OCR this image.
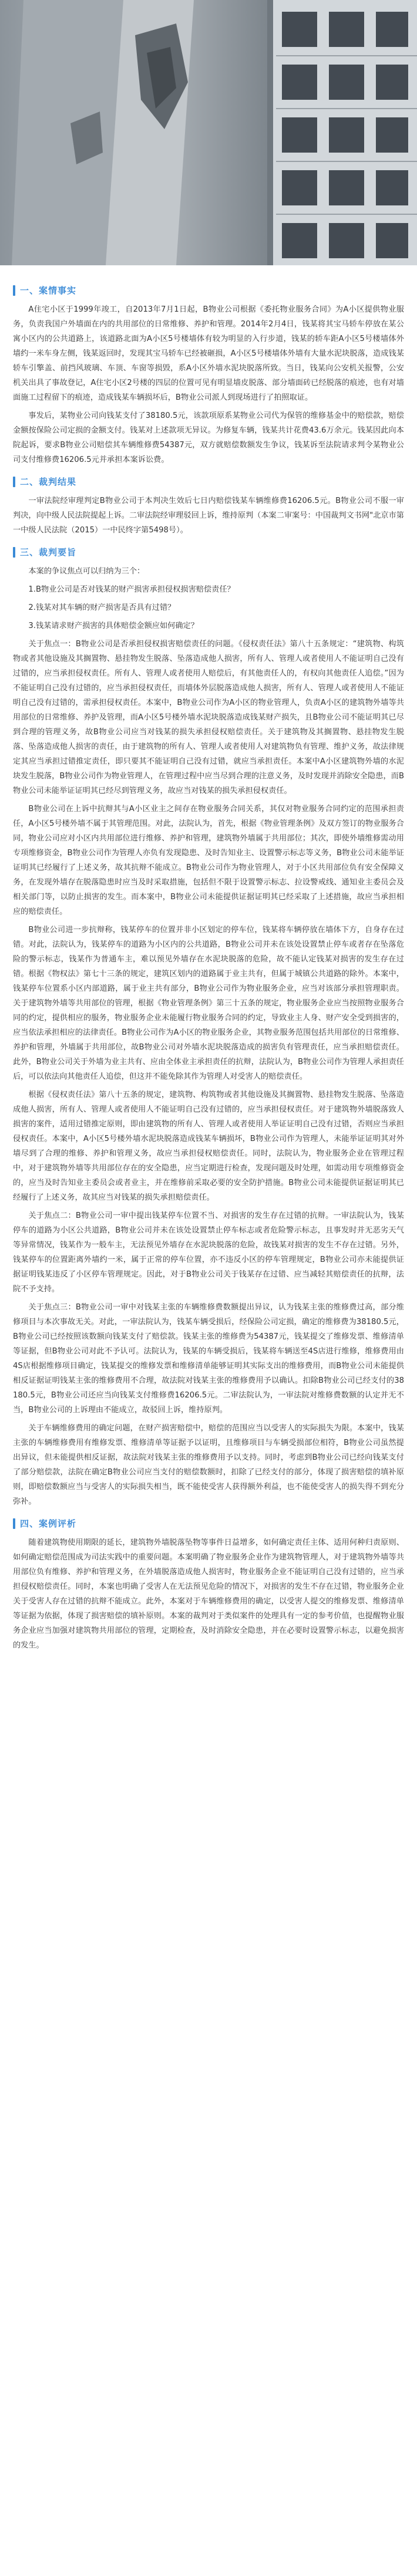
一、案情事实

A住宅小区于1999年竣工，自2013年7月1日起，B物业公司根据《委托物业服务合同》为A小区提供物业服务，负责我国户外墙面在内的共用部位的日常维修、养护和管理。2014年2月4日，钱某将其宝马轿车停放在某公寓小区内的公共道路上，该道路北面为A小区5号楼墙体有较为明显的入行步道，钱某的轿车距A小区5号楼墙体外墙约一米车身左侧，钱某返回时，发现其宝马轿车已经被砸损，A小区5号楼墙体外墙有大量水泥块脱落，造成钱某轿车引擎盖、前挡风玻璃、车顶、车窗等损毁，系A小区外墙水泥块脱落所致。当日，钱某向公安机关报警，公安机关出具了事故登记，A住宅小区2号楼的四层的位置可见有明显墙皮脱落、部分墙面砖已经脱落的痕迹，也有对墙面施工过程留下的痕迹，造成钱某车辆损坏后，B物业公司派人到现场进行了拍照取证。

事发后，某物业公司向钱某支付了38180.5元，该款项原系某物业公司代为保管的维修基金中的赔偿款，赔偿金额按保险公司定损的金额支付。钱某对上述款项无异议。为修复车辆，钱某共计花费43.6万余元。钱某因此向本院起诉，要求B物业公司赔偿其车辆维修费54387元，双方就赔偿数额发生争议，钱某诉至法院请求判令某物业公司支付维修费16206.5元并承担本案诉讼费。

二、裁判结果

一审法院经审理判定B物业公司于本判决生效后七日内赔偿钱某车辆维修费16206.5元。B物业公司不服一审判决，向中级人民法院提起上诉。二审法院经审理驳回上诉，维持原判（本案二审案号：中国裁判文书网"北京市第一中级人民法院（2015）一中民终字第5498号）。

三、裁判要旨

本案的争议焦点可以归纳为三个：

1.B物业公司是否对钱某的财产损害承担侵权损害赔偿责任？

2.钱某对其车辆的财产损害是否具有过错？

3.钱某请求财产损害的具体赔偿金额应如何确定？

关于焦点一：B物业公司是否承担侵权损害赔偿责任的问题。《侵权责任法》第八十五条规定：“建筑物、构筑物或者其他设施及其搁置物、悬挂物发生脱落、坠落造成他人损害，所有人、管理人或者使用人不能证明自己没有过错的，应当承担侵权责任。所有人、管理人或者使用人赔偿后，有其他责任人的，有权向其他责任人追偿。”因为不能证明自己没有过错的，应当承担侵权责任，而墙体外层脱落造成他人损害，所有人、管理人或者使用人不能证明自己没有过错的，需承担侵权责任。本案中，B物业公司作为A小区的物业管理人，负责A小区的建筑物外墙等共用部位的日常维修、养护及管理，而A小区5号楼外墙水泥块脱落造成钱某财产损失，且B物业公司不能证明其已尽到合理的管理义务，故B物业公司应当对钱某的损失承担侵权赔偿责任。关于建筑物及其搁置物、悬挂物发生脱落、坠落造成他人损害的责任，由于建筑物的所有人、管理人或者使用人对建筑物负有管理、维护义务，故法律规定其应当承担过错推定责任，即只要其不能证明自己没有过错，就应当承担责任。本案中A小区建筑物外墙的水泥块发生脱落，B物业公司作为物业管理人，在管理过程中应当尽到合理的注意义务，及时发现并消除安全隐患，而B物业公司未能举证证明其已经尽到管理义务，故应当对钱某的损失承担侵权责任。

B物业公司在上诉中抗辩其与A小区业主之间存在物业服务合同关系，其仅对物业服务合同约定的范围承担责任，A小区5号楼外墙不属于其管理范围。对此，法院认为，首先，根据《物业管理条例》及双方签订的物业服务合同，物业公司应对小区内共用部位进行维修、养护和管理，建筑物外墙属于共用部位；其次，即使外墙维修需动用专项维修资金，B物业公司作为管理人亦负有发现隐患、及时告知业主、设置警示标志等义务，B物业公司未能举证证明其已经履行了上述义务，故其抗辩不能成立。B物业公司作为物业管理人，对于小区共用部位负有安全保障义务，在发现外墙存在脱落隐患时应当及时采取措施，包括但不限于设置警示标志、拉设警戒线、通知业主委员会及相关部门等，以防止损害的发生。而本案中，B物业公司未能提供证据证明其已经采取了上述措施，故应当承担相应的赔偿责任。

B物业公司进一步抗辩称，钱某停车的位置并非小区划定的停车位，钱某将车辆停放在墙体下方，自身存在过错。对此，法院认为，钱某停车的道路为小区内的公共道路，B物业公司并未在该处设置禁止停车或者存在坠落危险的警示标志，钱某作为普通车主，难以预见外墙存在水泥块脱落的危险，故不能认定钱某对损害的发生存在过错。根据《物权法》第七十三条的规定，建筑区划内的道路属于业主共有，但属于城镇公共道路的除外。本案中，钱某停车位置系小区内部道路，属于业主共有部分，B物业公司作为物业服务企业，应当对该部分承担管理职责。关于建筑物外墙等共用部位的管理，根据《物业管理条例》第三十五条的规定，物业服务企业应当按照物业服务合同的约定，提供相应的服务，物业服务企业未能履行物业服务合同的约定，导致业主人身、财产安全受到损害的，应当依法承担相应的法律责任。B物业公司作为A小区的物业服务企业，其物业服务范围包括共用部位的日常维修、养护和管理，外墙属于共用部位，故B物业公司对外墙水泥块脱落造成的损害负有管理责任，应当承担赔偿责任。此外，B物业公司关于外墙为业主共有、应由全体业主承担责任的抗辩，法院认为，B物业公司作为管理人承担责任后，可以依法向其他责任人追偿，但这并不能免除其作为管理人对受害人的赔偿责任。

根据《侵权责任法》第八十五条的规定，建筑物、构筑物或者其他设施及其搁置物、悬挂物发生脱落、坠落造成他人损害，所有人、管理人或者使用人不能证明自己没有过错的，应当承担侵权责任。对于建筑物外墙脱落致人损害的案件，适用过错推定原则，即由建筑物的所有人、管理人或者使用人举证证明自己没有过错，否则应当承担侵权责任。本案中，A小区5号楼外墙水泥块脱落造成钱某车辆损坏，B物业公司作为管理人，未能举证证明其对外墙尽到了合理的维修、养护和管理义务，故应当承担侵权赔偿责任。同时，法院认为，物业服务企业在管理过程中，对于建筑物外墙等共用部位存在的安全隐患，应当定期进行检查，发现问题及时处理，如需动用专项维修资金的，应当及时告知业主委员会或者业主，并在维修前采取必要的安全防护措施。B物业公司未能提供证据证明其已经履行了上述义务，故其应当对钱某的损失承担赔偿责任。

关于焦点二：B物业公司一审中提出钱某停车位置不当、对损害的发生存在过错的抗辩。一审法院认为，钱某停车的道路为小区公共道路，B物业公司并未在该处设置禁止停车标志或者危险警示标志，且事发时并无恶劣天气等异常情况，钱某作为一般车主，无法预见外墙存在水泥块脱落的危险，故钱某对损害的发生不存在过错。另外，钱某停车的位置距离外墙约一米，属于正常的停车位置，亦不违反小区的停车管理规定，B物业公司亦未能提供证据证明钱某违反了小区停车管理规定。因此，对于B物业公司关于钱某存在过错、应当减轻其赔偿责任的抗辩，法院不予支持。

关于焦点三：B物业公司一审中对钱某主张的车辆维修费数额提出异议，认为钱某主张的维修费过高，部分维修项目与本次事故无关。对此，一审法院认为，钱某车辆受损后，经保险公司定损，确定的维修费为38180.5元，B物业公司已经按照该数额向钱某支付了赔偿款。钱某主张的维修费为54387元，钱某提交了维修发票、维修清单等证据，但B物业公司对此不予认可。法院认为，钱某的车辆受损后，钱某将车辆送至4S店进行维修，维修费用由4S店根据维修项目确定，钱某提交的维修发票和维修清单能够证明其实际支出的维修费用，而B物业公司未能提供相反证据证明钱某主张的维修费用不合理，故法院对钱某主张的维修费用予以确认。扣除B物业公司已经支付的38180.5元，B物业公司还应当向钱某支付维修费16206.5元。二审法院认为，一审法院对维修费数额的认定并无不当，B物业公司的上诉理由不能成立，故驳回上诉，维持原判。

关于车辆维修费用的确定问题，在财产损害赔偿中，赔偿的范围应当以受害人的实际损失为限。本案中，钱某主张的车辆维修费用有维修发票、维修清单等证据予以证明，且维修项目与车辆受损部位相符，B物业公司虽然提出异议，但未能提供相反证据，故法院对钱某主张的维修费用予以支持。同时，考虑到B物业公司已经向钱某支付了部分赔偿款，法院在确定B物业公司应当支付的赔偿数额时，扣除了已经支付的部分，体现了损害赔偿的填补原则，即赔偿数额应当与受害人的实际损失相当，既不能使受害人获得额外利益，也不能使受害人的损失得不到充分弥补。

四、案例评析

随着建筑物使用期限的延长，建筑物外墙脱落坠物等事件日益增多，如何确定责任主体、适用何种归责原则、如何确定赔偿范围成为司法实践中的重要问题。本案明确了物业服务企业作为建筑物管理人，对于建筑物外墙等共用部位负有维修、养护和管理义务，在外墙脱落造成他人损害时，物业服务企业不能证明自己没有过错的，应当承担侵权赔偿责任。同时，本案也明确了受害人在无法预见危险的情况下，对损害的发生不存在过错，物业服务企业关于受害人存在过错的抗辩不能成立。此外，本案对于车辆维修费用的确定，以受害人提交的维修发票、维修清单等证据为依据，体现了损害赔偿的填补原则。本案的裁判对于类似案件的处理具有一定的参考价值，也提醒物业服务企业应当加强对建筑物共用部位的管理，定期检查，及时消除安全隐患，并在必要时设置警示标志，以避免损害的发生。
